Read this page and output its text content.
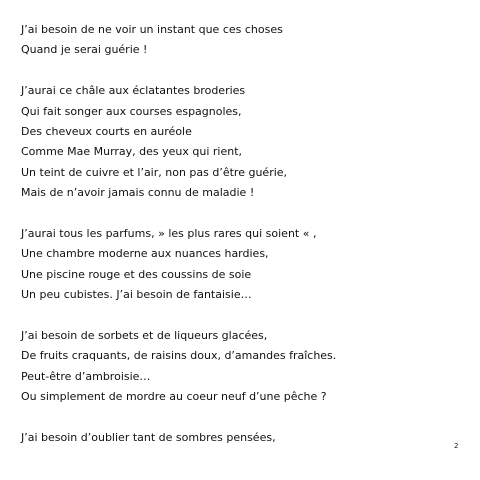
J’ai besoin de ne voir un instant que ces choses
Quand je serai guérie !
J’aurai ce châle aux éclatantes broderies
Qui fait songer aux courses espagnoles,
Des cheveux courts en auréole
Comme Mae Murray, des yeux qui rient,
Un teint de cuivre et l’air, non pas d’être guérie,
Mais de n’avoir jamais connu de maladie !
J’aurai tous les parfums, » les plus rares qui soient « ,
Une chambre moderne aux nuances hardies,
Une piscine rouge et des coussins de soie
Un peu cubistes. J’ai besoin de fantaisie…
J’ai besoin de sorbets et de liqueurs glacées,
De fruits craquants, de raisins doux, d’amandes fraîches.
Peut-être d’ambroisie…
Ou simplement de mordre au coeur neuf d’une pêche ?
J’ai besoin d’oublier tant de sombres pensées,
2
